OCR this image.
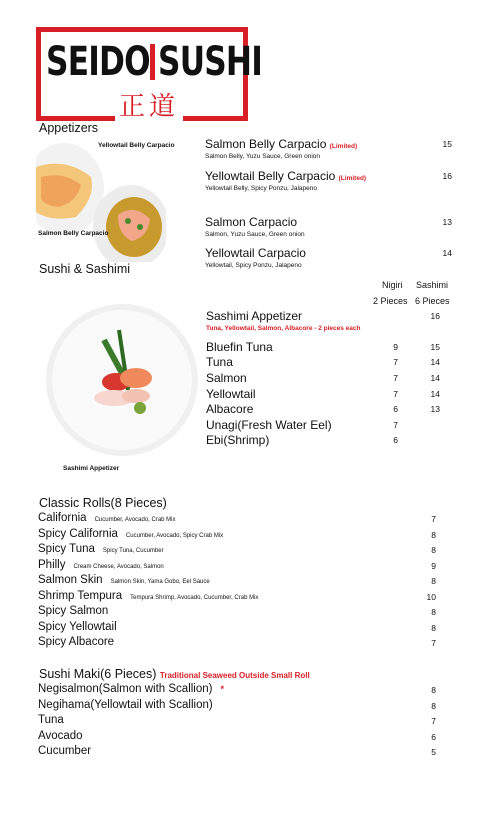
SEIDO SUSHI
正道
Appetizers
Yellowtail Belly Carpacio
Salmon Belly Carpacio
Salmon Belly Carpacio (Limited)
Salmon Belly, Yuzu Sauce, Green onion
15
Yellowtail Belly Carpacio (Limited)
Yellowtail Belly, Spicy Ponzu, Jalapeno
16
Salmon Carpacio
Salmon, Yuzu Sauce, Green onion
13
Yellowtail Carpacio
Yellowtail, Spicy Ponzu, Jalapeno
14
Sushi & Sashimi
Nigiri Sashimi
2 Pieces 6 Pieces
Sashimi Appetizer
Sashimi Appetizer
Tuna, Yellowtail, Salmon, Albacore - 2 pieces each
16
Bluefin Tuna	9	15
Tuna	7	14
Salmon	7	14
Yellowtail	7	14
Albacore	6	13
Unagi(Fresh Water Eel)	7
Ebi(Shrimp)	6
Classic Rolls(8 Pieces)
California Cucumber, Avocado, Crab Mix	7
Spicy California Cucumber, Avocado, Spicy Crab Mix	8
Spicy Tuna Spicy Tuna, Cucumber	8
Philly Cream Cheese, Avocado, Salmon	9
Salmon Skin Salmon Skin, Yama Gobo, Eel Sauce	8
Shrimp Tempura Tempura Shrimp, Avocado, Cucumber, Crab Mix	10
Spicy Salmon	8
Spicy Yellowtail	8
Spicy Albacore	7
Sushi Maki(6 Pieces) Traditional Seaweed Outside Small Roll
Negisalmon(Salmon with Scallion) *	8
Negihama(Yellowtail with Scallion)	8
Tuna	7
Avocado	6
Cucumber	5
